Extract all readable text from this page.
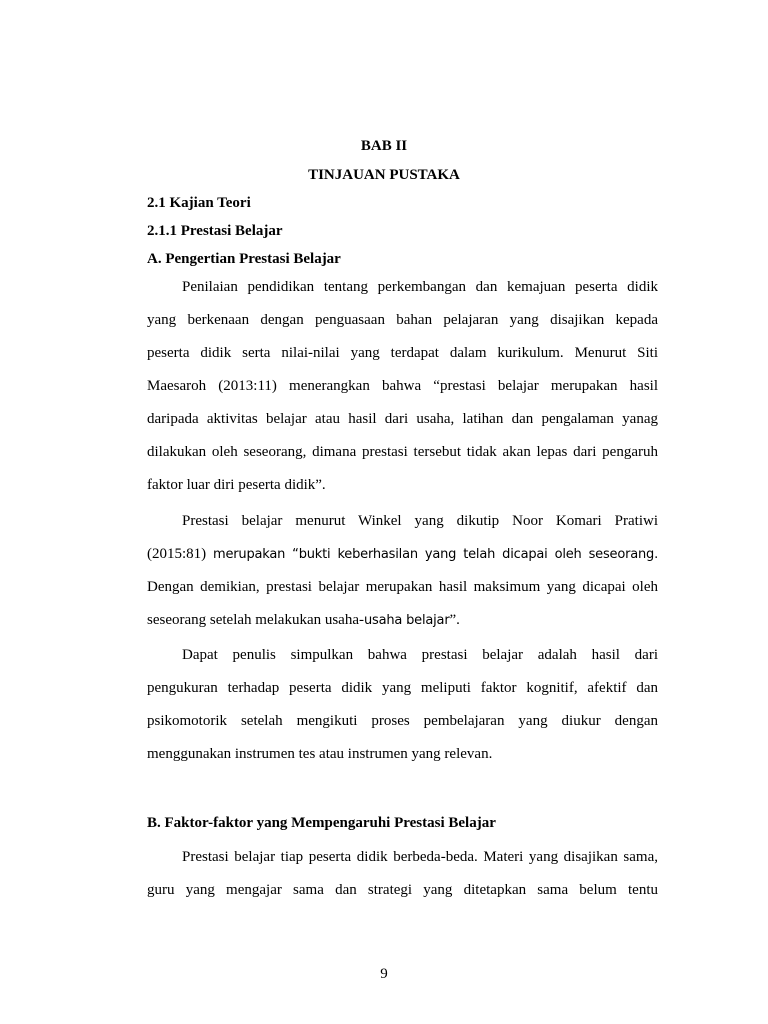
BAB II
TINJAUAN PUSTAKA
2.1 Kajian Teori
2.1.1 Prestasi Belajar
A. Pengertian Prestasi Belajar
Penilaian pendidikan tentang perkembangan dan kemajuan peserta didik
yang berkenaan dengan penguasaan bahan pelajaran yang disajikan kepada
peserta didik serta nilai-nilai yang terdapat dalam kurikulum. Menurut Siti
Maesaroh (2013:11) menerangkan bahwa “prestasi belajar merupakan hasil
daripada aktivitas belajar atau hasil dari usaha, latihan dan pengalaman yanag
dilakukan oleh seseorang, dimana prestasi tersebut tidak akan lepas dari pengaruh
faktor luar diri peserta didik”.
Prestasi belajar menurut Winkel yang dikutip Noor Komari Pratiwi
(2015:81) merupakan “bukti keberhasilan yang telah dicapai oleh seseorang.
Dengan demikian, prestasi belajar merupakan hasil maksimum yang dicapai oleh
seseorang setelah melakukan usaha-usaha belajar”.
Dapat penulis simpulkan bahwa prestasi belajar adalah hasil dari
pengukuran terhadap peserta didik yang meliputi faktor kognitif, afektif dan
psikomotorik setelah mengikuti proses pembelajaran yang diukur dengan
menggunakan instrumen tes atau instrumen yang relevan.
B. Faktor-faktor yang Mempengaruhi Prestasi Belajar
Prestasi belajar tiap peserta didik berbeda-beda. Materi yang disajikan sama,
guru yang mengajar sama dan strategi yang ditetapkan sama belum tentu
9
